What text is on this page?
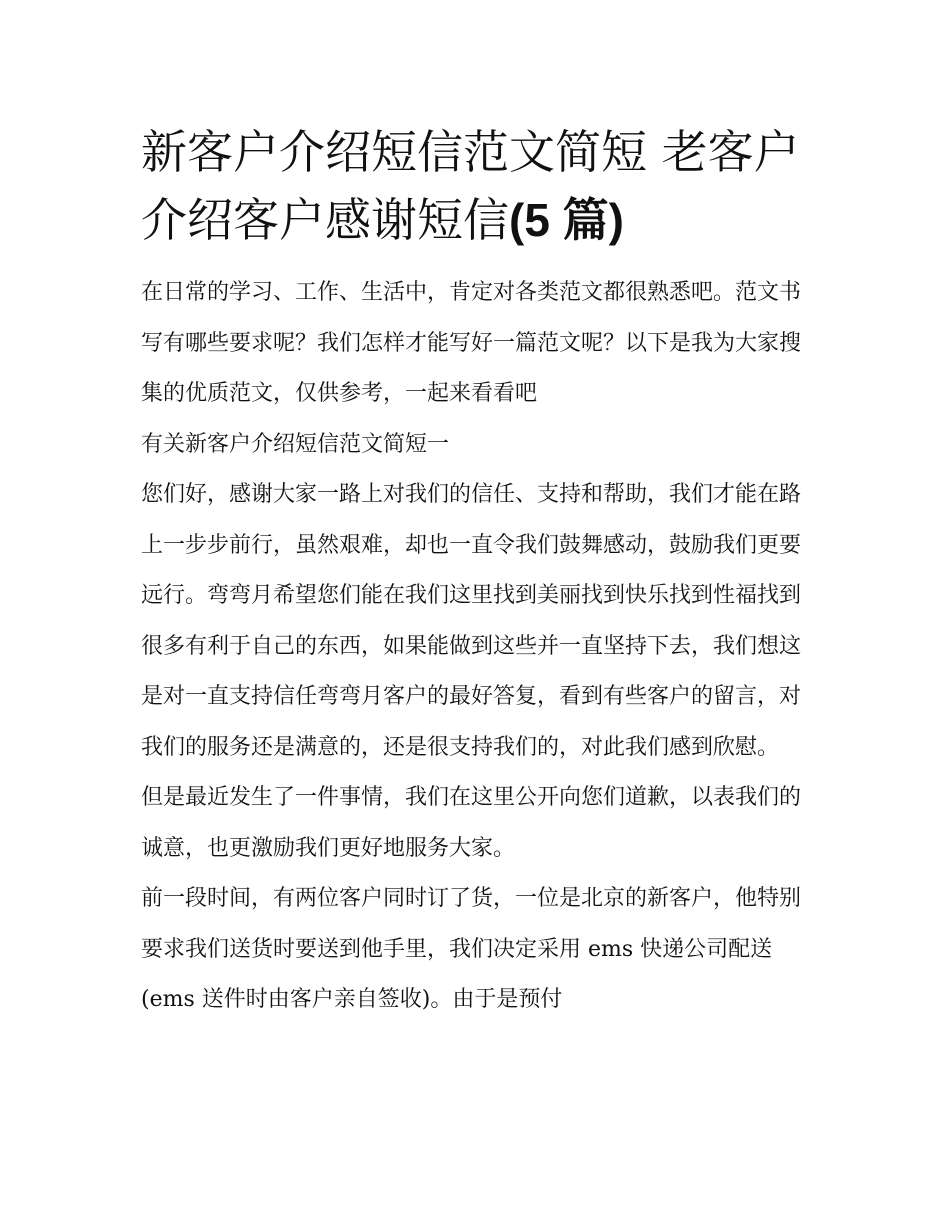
新客户介绍短信范文简短 老客户介绍客户感谢短信(5 篇)

在日常的学习、工作、生活中，肯定对各类范文都很熟悉吧。范文书写有哪些要求呢？我们怎样才能写好一篇范文呢？以下是我为大家搜集的优质范文，仅供参考，一起来看看吧

有关新客户介绍短信范文简短一

您们好，感谢大家一路上对我们的信任、支持和帮助，我们才能在路上一步步前行，虽然艰难，却也一直令我们鼓舞感动，鼓励我们更要远行。弯弯月希望您们能在我们这里找到美丽找到快乐找到性福找到很多有利于自己的东西，如果能做到这些并一直坚持下去，我们想这是对一直支持信任弯弯月客户的最好答复，看到有些客户的留言，对我们的服务还是满意的，还是很支持我们的，对此我们感到欣慰。

但是最近发生了一件事情，我们在这里公开向您们道歉，以表我们的诚意，也更激励我们更好地服务大家。

前一段时间，有两位客户同时订了货，一位是北京的新客户，他特别要求我们送货时要送到他手里，我们决定采用 ems 快递公司配送(ems 送件时由客户亲自签收)。由于是预付
